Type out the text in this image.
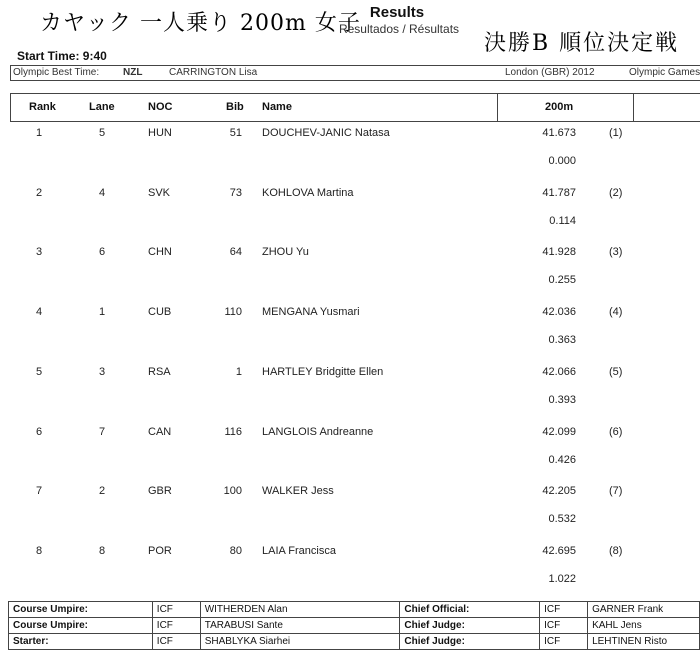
カヤック 一人乗り 200m 女子 Results
Resultados / Résultats
決勝B 順位決定戦
Start Time: 9:40
Olympic Best Time: NZL	CARRINGTON Lisa	London (GBR) 2012	Olympic Games
Rank	Lane	NOC	Bib Name	200m
1	5	HUN	51 DOUCHEV-JANIC Natasa	41.673	(1)
0.000
2	4	SVK	73 KOHLOVA Martina	41.787	(2)
0.114
3	6	CHN	64 ZHOU Yu	41.928	(3)
0.255
4	1	CUB	110 MENGANA Yusmari	42.036	(4)
0.363
5	3	RSA	1 HARTLEY Bridgitte Ellen	42.066	(5)
0.393
6	7	CAN	116 LANGLOIS Andreanne	42.099	(6)
0.426
7	2	GBR	100 WALKER Jess	42.205	(7)
0.532
8	8	POR	80 LAIA Francisca	42.695	(8)
1.022
Course Umpire:	ICF	WITHERDEN Alan	Chief Official:	ICF	GARNER Frank
Course Umpire:	ICF	TARABUSI Sante	Chief Judge:	ICF	KAHL Jens
Starter:	ICF	SHABLYKA Siarhei	Chief Judge:	ICF	LEHTINEN Risto
